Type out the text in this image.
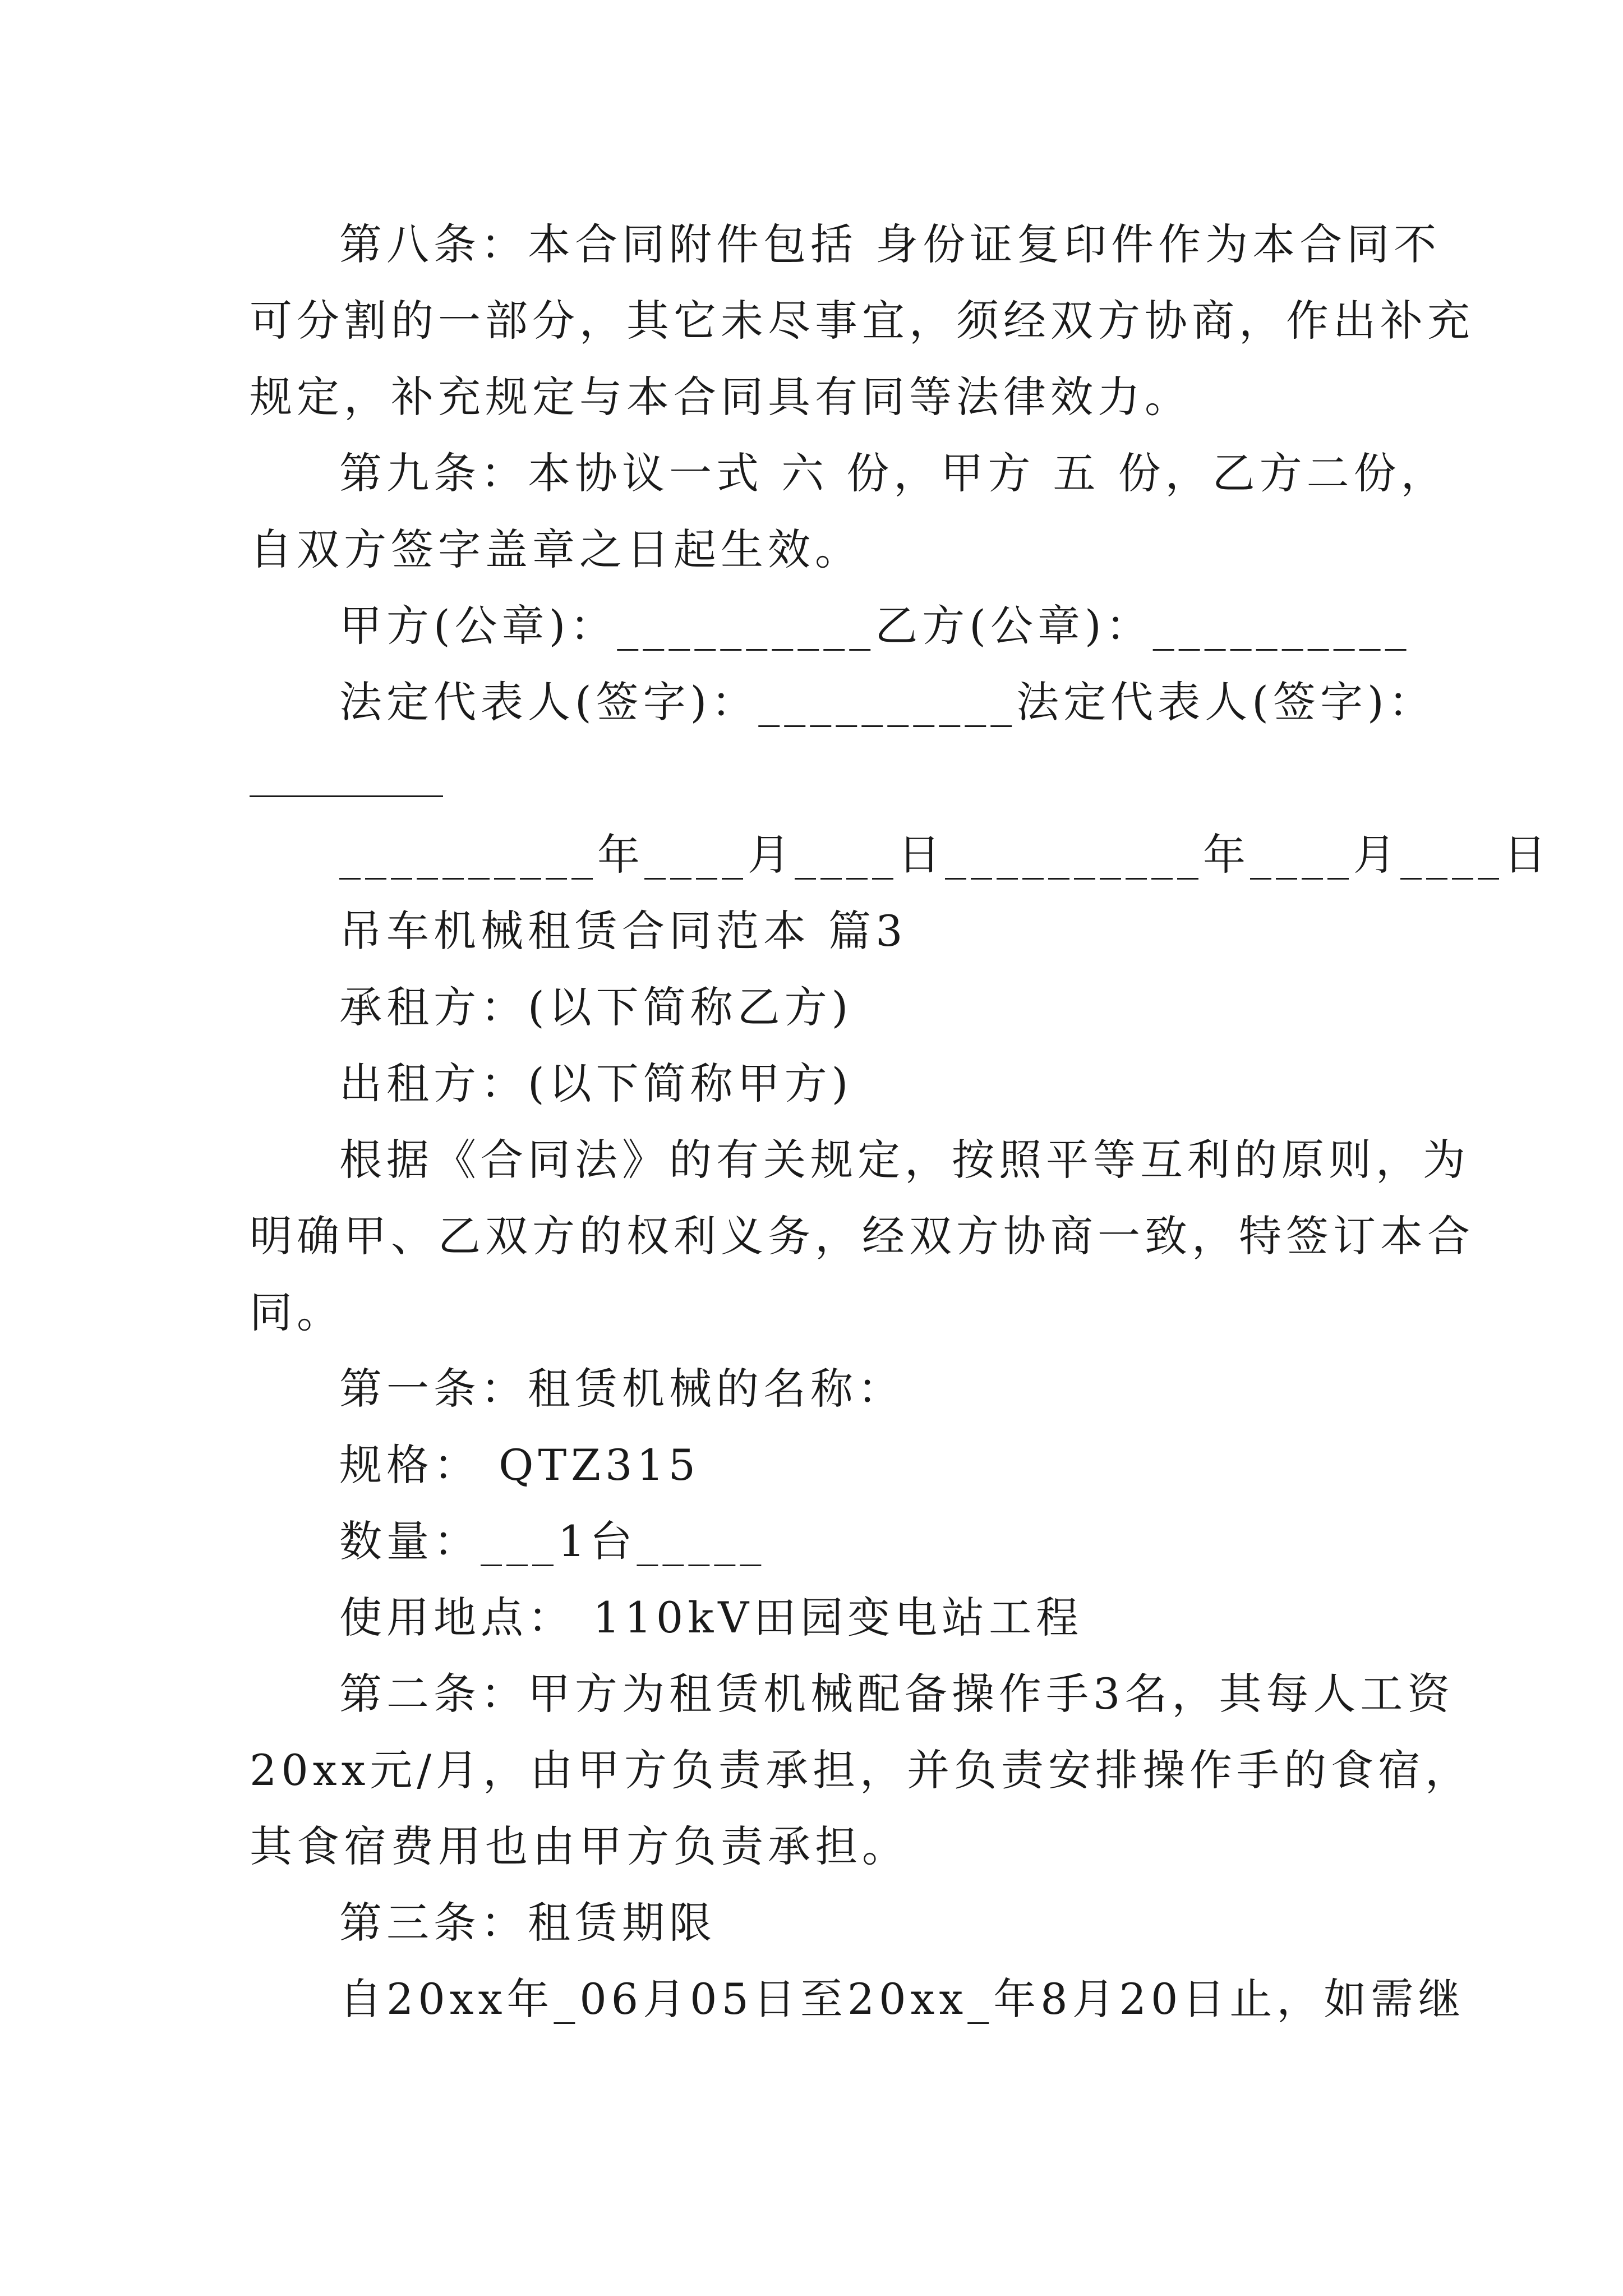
第八条：本合同附件包括 身份证复印件作为本合同不
可分割的一部分，其它未尽事宜，须经双方协商，作出补充
规定，补充规定与本合同具有同等法律效力。
第九条：本协议一式 六 份，甲方 五 份，乙方二份，
自双方签字盖章之日起生效。
甲方(公章)：__________乙方(公章)：__________
法定代表人(签字)：__________法定代表人(签字)：
__________年____月____日__________年____月____日
吊车机械租赁合同范本 篇3
承租方：(以下简称乙方)
出租方：(以下简称甲方)
根据《合同法》的有关规定，按照平等互利的原则，为
明确甲、乙双方的权利义务，经双方协商一致，特签订本合
同。
第一条：租赁机械的名称：
规格： QTZ315
数量：___1台_____
使用地点： 110kV田园变电站工程
第二条：甲方为租赁机械配备操作手3名，其每人工资
20xx元/月，由甲方负责承担，并负责安排操作手的食宿，
其食宿费用也由甲方负责承担。
第三条：租赁期限
自20xx年_06月05日至20xx_年8月20日止，如需继
